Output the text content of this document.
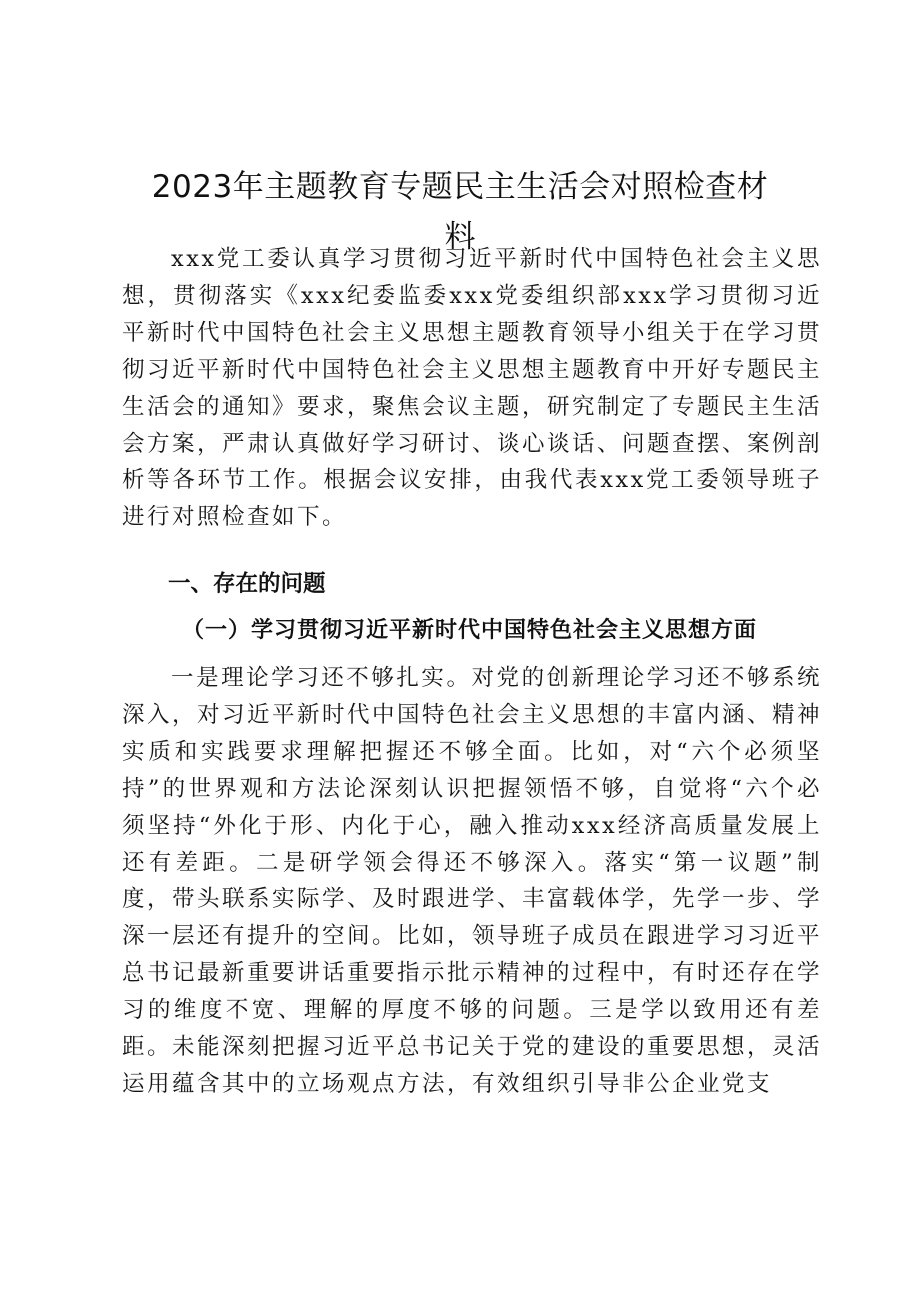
2023年主题教育专题民主生活会对照检查材
料

xxx党工委认真学习贯彻习近平新时代中国特色社会主义思想，贯彻落实《xxx纪委监委xxx党委组织部xxx学习贯彻习近平新时代中国特色社会主义思想主题教育领导小组关于在学习贯彻习近平新时代中国特色社会主义思想主题教育中开好专题民主生活会的通知》要求，聚焦会议主题，研究制定了专题民主生活会方案，严肃认真做好学习研讨、谈心谈话、问题查摆、案例剖析等各环节工作。根据会议安排，由我代表xxx党工委领导班子进行对照检查如下。

一、存在的问题
（一）学习贯彻习近平新时代中国特色社会主义思想方面

一是理论学习还不够扎实。对党的创新理论学习还不够系统深入，对习近平新时代中国特色社会主义思想的丰富内涵、精神实质和实践要求理解把握还不够全面。比如，对“六个必须坚持”的世界观和方法论深刻认识把握领悟不够，自觉将“六个必须坚持“外化于形、内化于心，融入推动xxx经济高质量发展上还有差距。二是研学领会得还不够深入。落实“第一议题”制度，带头联系实际学、及时跟进学、丰富载体学，先学一步、学深一层还有提升的空间。比如，领导班子成员在跟进学习习近平总书记最新重要讲话重要指示批示精神的过程中，有时还存在学习的维度不宽、理解的厚度不够的问题。三是学以致用还有差距。未能深刻把握习近平总书记关于党的建设的重要思想，灵活运用蕴含其中的立场观点方法，有效组织引导非公企业党支
